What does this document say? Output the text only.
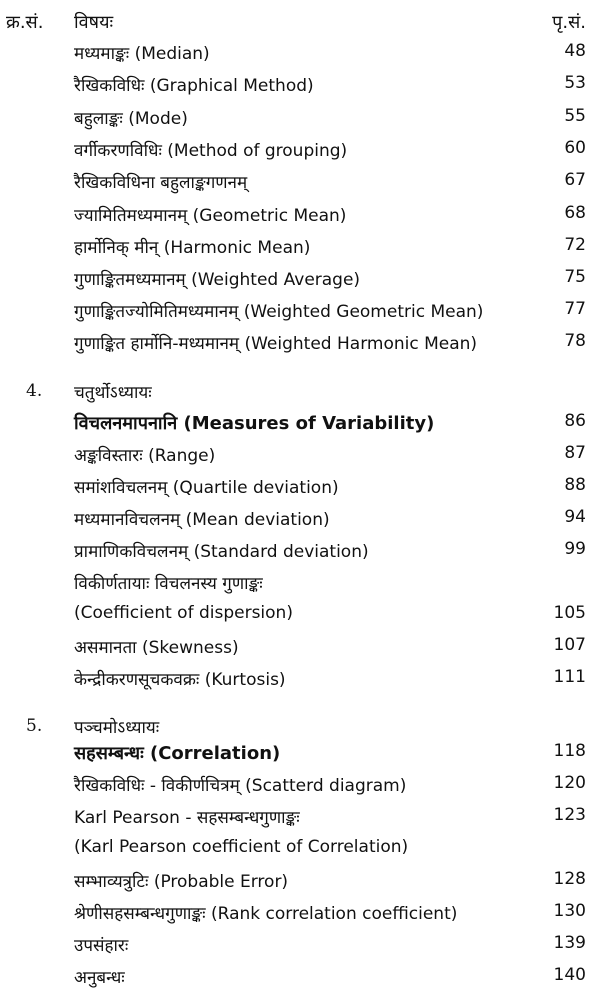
क्र.सं. विषयः	पृ.सं.
मध्यमाङ्कः (Median)	48
रैखिकविधिः (Graphical Method)	53
बहुलाङ्कः (Mode)	55
वर्गीकरणविधिः (Method of grouping)	60
रैखिकविधिना बहुलाङ्कगणनम्	67
ज्यामितिमध्यमानम् (Geometric Mean)	68
हार्मोनिक् मीन् (Harmonic Mean)	72
गुणाङ्कितमध्यमानम् (Weighted Average)	75
गुणाङ्कितज्योमितिमध्यमानम् (Weighted Geometric Mean)	77
गुणाङ्कित हार्मोनि-मध्यमानम् (Weighted Harmonic Mean)	78
4. चतुर्थोऽध्यायः
विचलनमापनानि (Measures of Variability)	86
अङ्कविस्तारः (Range)	87
समांशविचलनम् (Quartile deviation)	88
मध्यमानविचलनम् (Mean deviation)	94
प्रामाणिकविचलनम् (Standard deviation)	99
विकीर्णतायाः विचलनस्य गुणाङ्कः
(Coefficient of dispersion)	105
असमानता (Skewness)	107
केन्द्रीकरणसूचकवक्रः (Kurtosis)	111
5. पञ्चमोऽध्यायः
सहसम्बन्धः (Correlation)	118
रैखिकविधिः - विकीर्णचित्रम् (Scatterd diagram)	120
Karl Pearson - सहसम्बन्धगुणाङ्कः	123
(Karl Pearson coefficient of Correlation)
सम्भाव्यत्रुटिः (Probable Error)	128
श्रेणीसहसम्बन्धगुणाङ्कः (Rank correlation coefficient)	130
उपसंहारः	139
अनुबन्धः	140
